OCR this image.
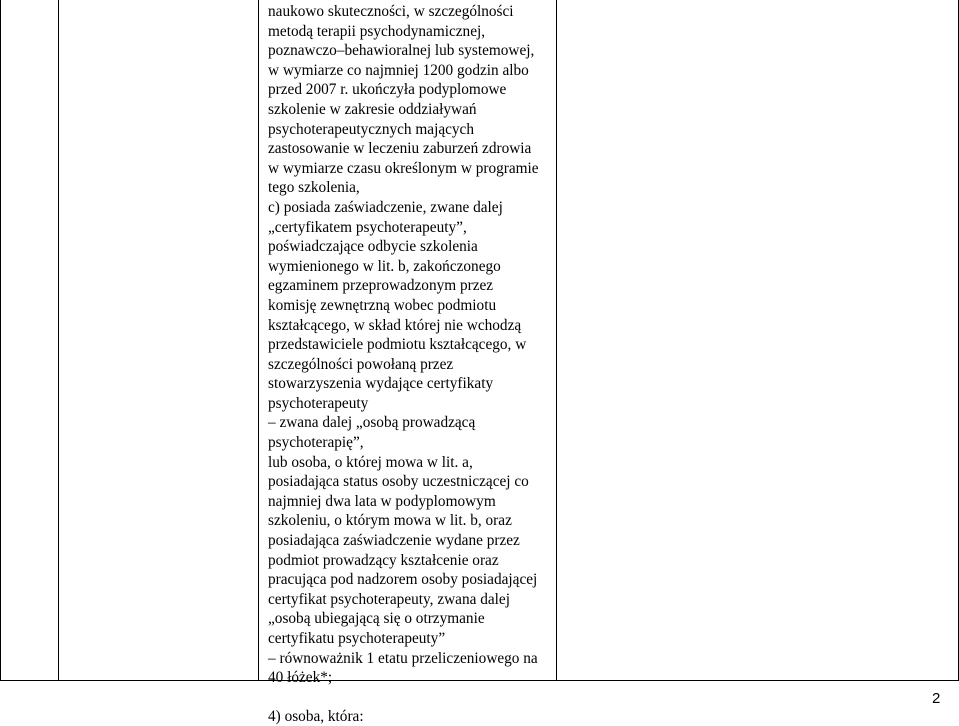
naukowo skuteczności, w szczególności
metodą terapii psychodynamicznej,
poznawczo–behawioralnej lub systemowej,
w wymiarze co najmniej 1200 godzin albo
przed 2007 r. ukończyła podyplomowe
szkolenie w zakresie oddziaływań
psychoterapeutycznych mających
zastosowanie w leczeniu zaburzeń zdrowia
w wymiarze czasu określonym w programie
tego szkolenia,
c) posiada zaświadczenie, zwane dalej
„certyfikatem psychoterapeuty”,
poświadczające odbycie szkolenia
wymienionego w lit. b, zakończonego
egzaminem przeprowadzonym przez
komisję zewnętrzną wobec podmiotu
kształcącego, w skład której nie wchodzą
przedstawiciele podmiotu kształcącego, w
szczególności powołaną przez
stowarzyszenia wydające certyfikaty
psychoterapeuty
– zwana dalej „osobą prowadzącą
psychoterapię”,
lub osoba, o której mowa w lit. a,
posiadająca status osoby uczestniczącej co
najmniej dwa lata w podyplomowym
szkoleniu, o którym mowa w lit. b, oraz
posiadająca zaświadczenie wydane przez
podmiot prowadzący kształcenie oraz
pracująca pod nadzorem osoby posiadającej
certyfikat psychoterapeuty, zwana dalej
„osobą ubiegającą się o otrzymanie
certyfikatu psychoterapeuty”
– równoważnik 1 etatu przeliczeniowego na
40 łóżek*;
4) osoba, która:
2
